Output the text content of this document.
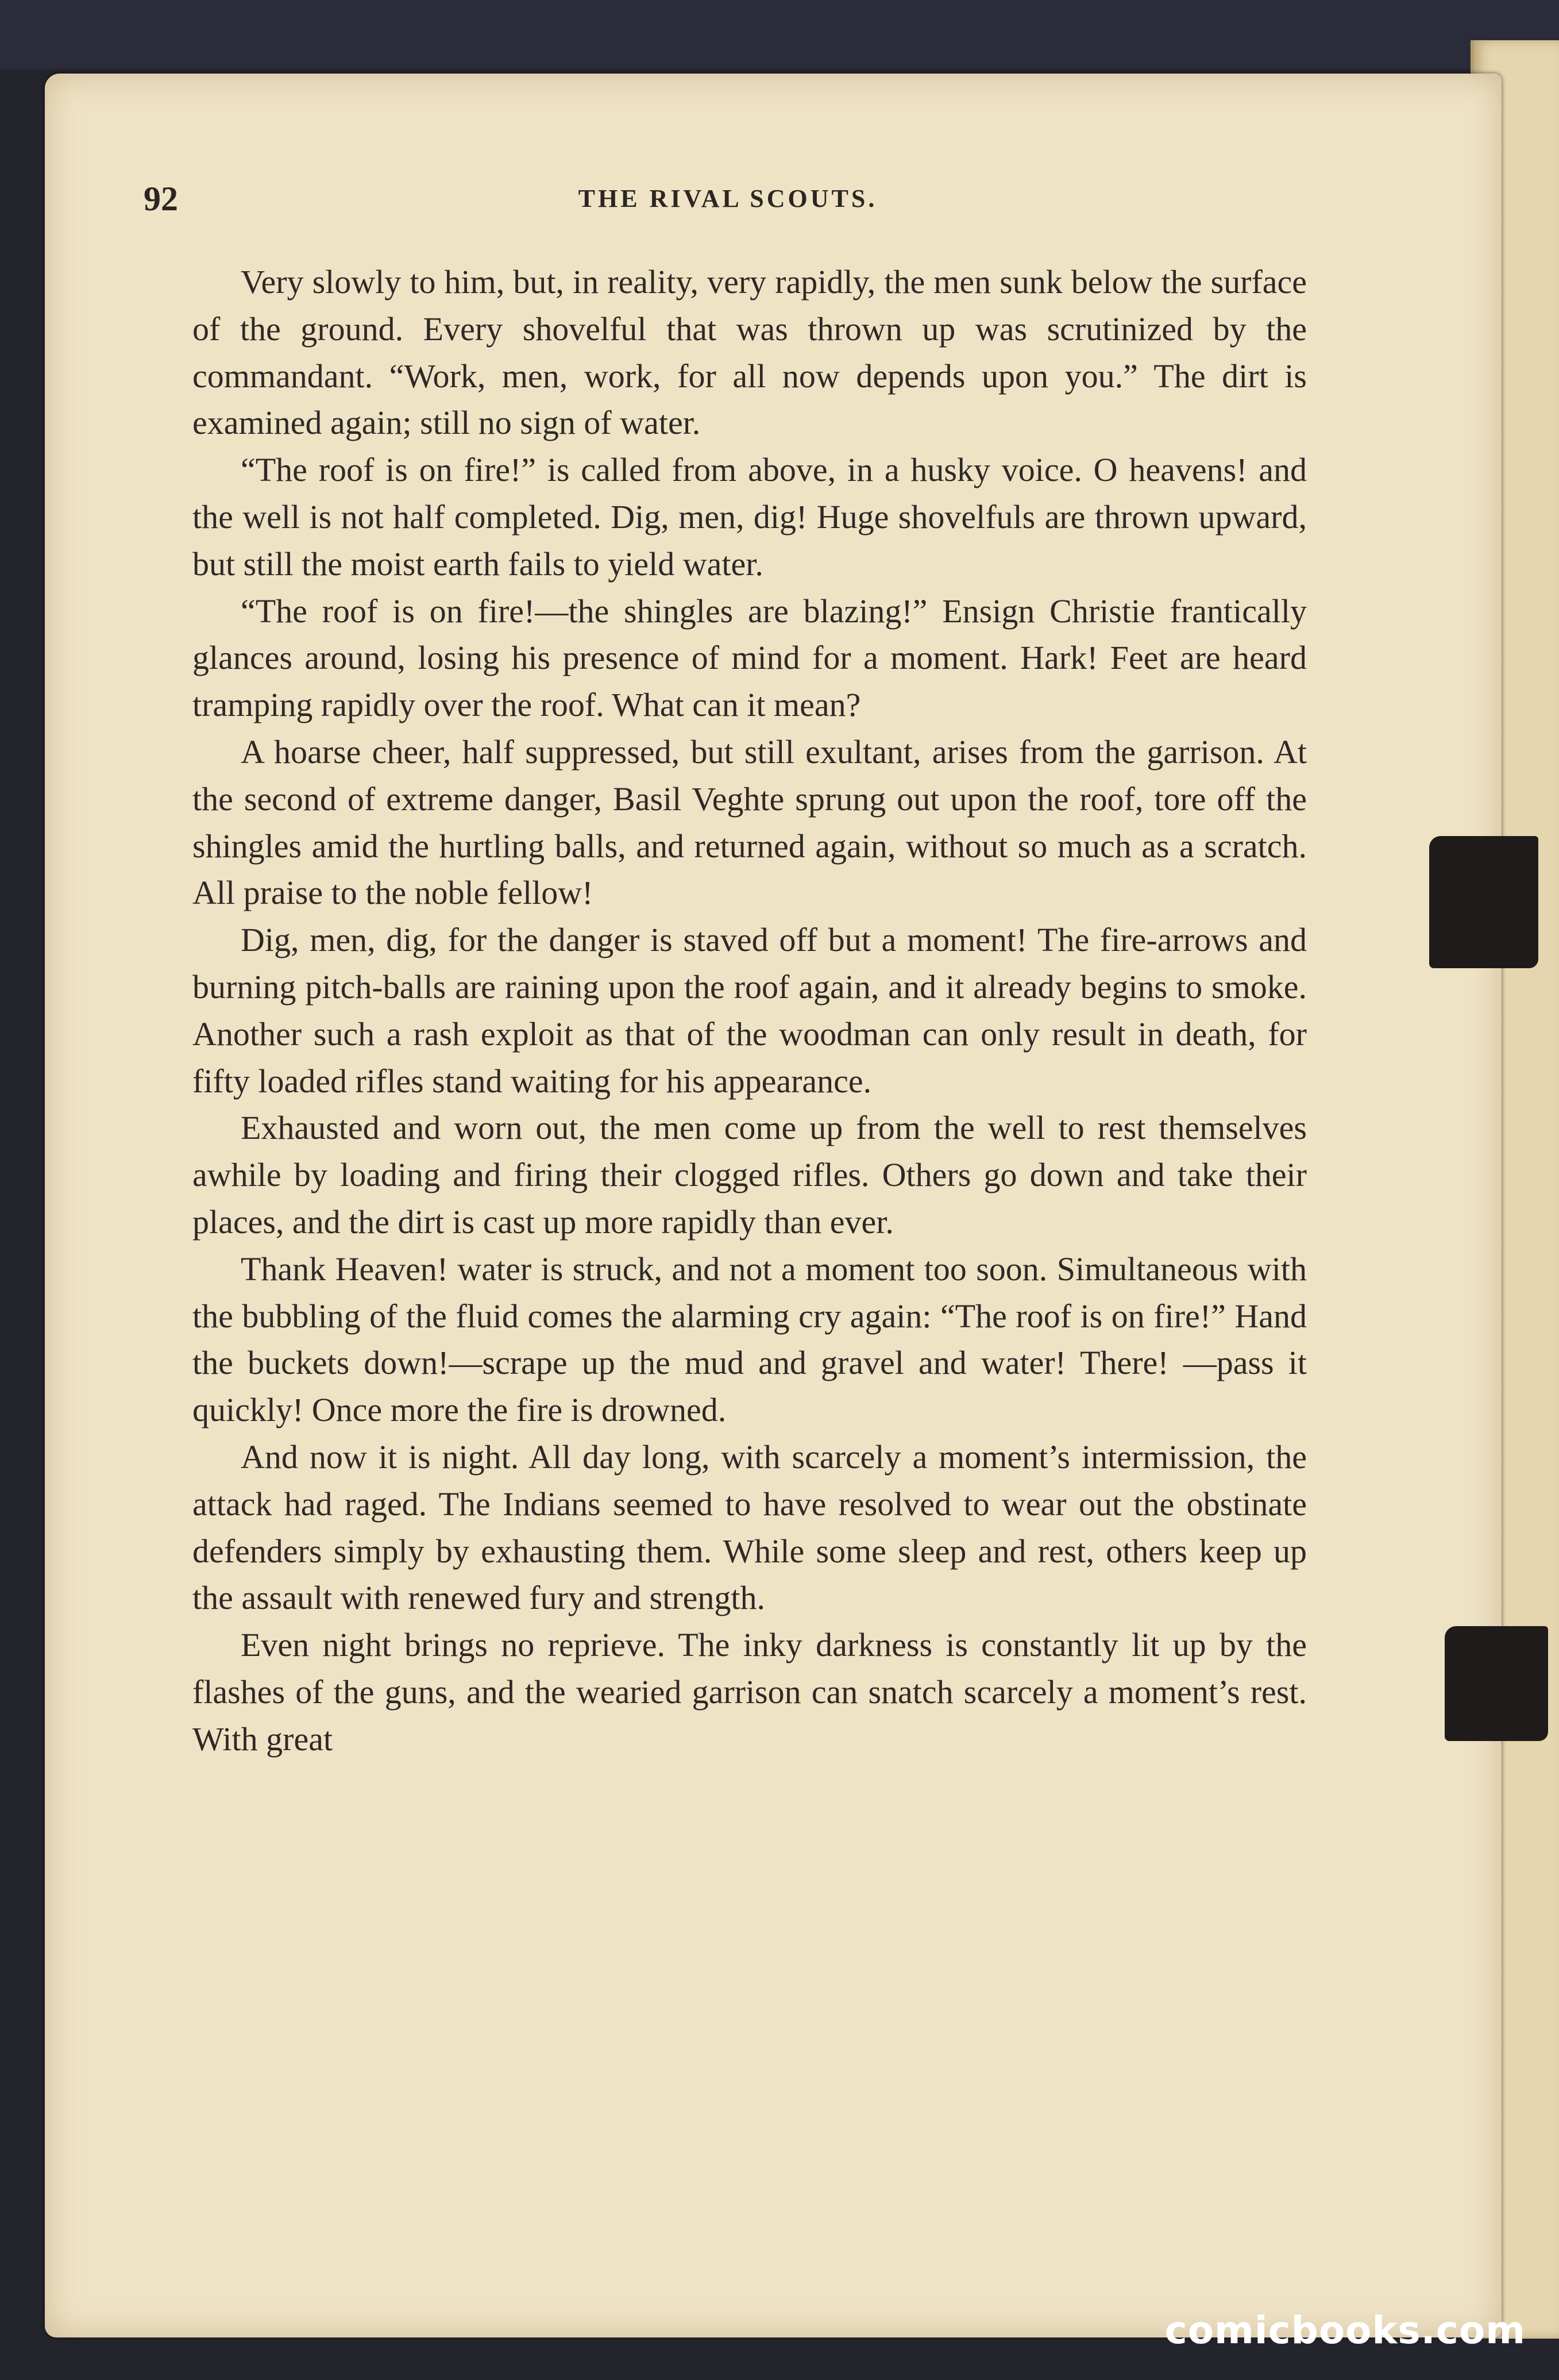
92	THE RIVAL SCOUTS.

Very slowly to him, but, in reality, very rapidly, the men sunk below the surface of the ground. Every shovelful that was thrown up was scrutinized by the commandant. “Work, men, work, for all now depends upon you.” The dirt is examined again; still no sign of water.

“The roof is on fire!” is called from above, in a husky voice. O heavens! and the well is not half completed. Dig, men, dig! Huge shovelfuls are thrown upward, but still the moist earth fails to yield water.

“The roof is on fire!—the shingles are blazing!” Ensign Christie frantically glances around, losing his presence of mind for a moment. Hark! Feet are heard tramping rapidly over the roof. What can it mean?

A hoarse cheer, half suppressed, but still exultant, arises from the garrison. At the second of extreme danger, Basil Veghte sprung out upon the roof, tore off the shingles amid the hurtling balls, and returned again, without so much as a scratch. All praise to the noble fellow!

Dig, men, dig, for the danger is staved off but a moment! The fire-arrows and burning pitch-balls are raining upon the roof again, and it already begins to smoke. Another such a rash exploit as that of the woodman can only result in death, for fifty loaded rifles stand waiting for his appearance.

Exhausted and worn out, the men come up from the well to rest themselves awhile by loading and firing their clogged rifles. Others go down and take their places, and the dirt is cast up more rapidly than ever.

Thank Heaven! water is struck, and not a moment too soon. Simultaneous with the bubbling of the fluid comes the alarming cry again: “The roof is on fire!” Hand the buckets down!—scrape up the mud and gravel and water! There! —pass it quickly! Once more the fire is drowned.

And now it is night. All day long, with scarcely a moment’s intermission, the attack had raged. The Indians seemed to have resolved to wear out the obstinate defenders simply by exhausting them. While some sleep and rest, others keep up the assault with renewed fury and strength.

Even night brings no reprieve. The inky darkness is constantly lit up by the flashes of the guns, and the wearied garrison can snatch scarcely a moment’s rest. With great

comicbooks.com
